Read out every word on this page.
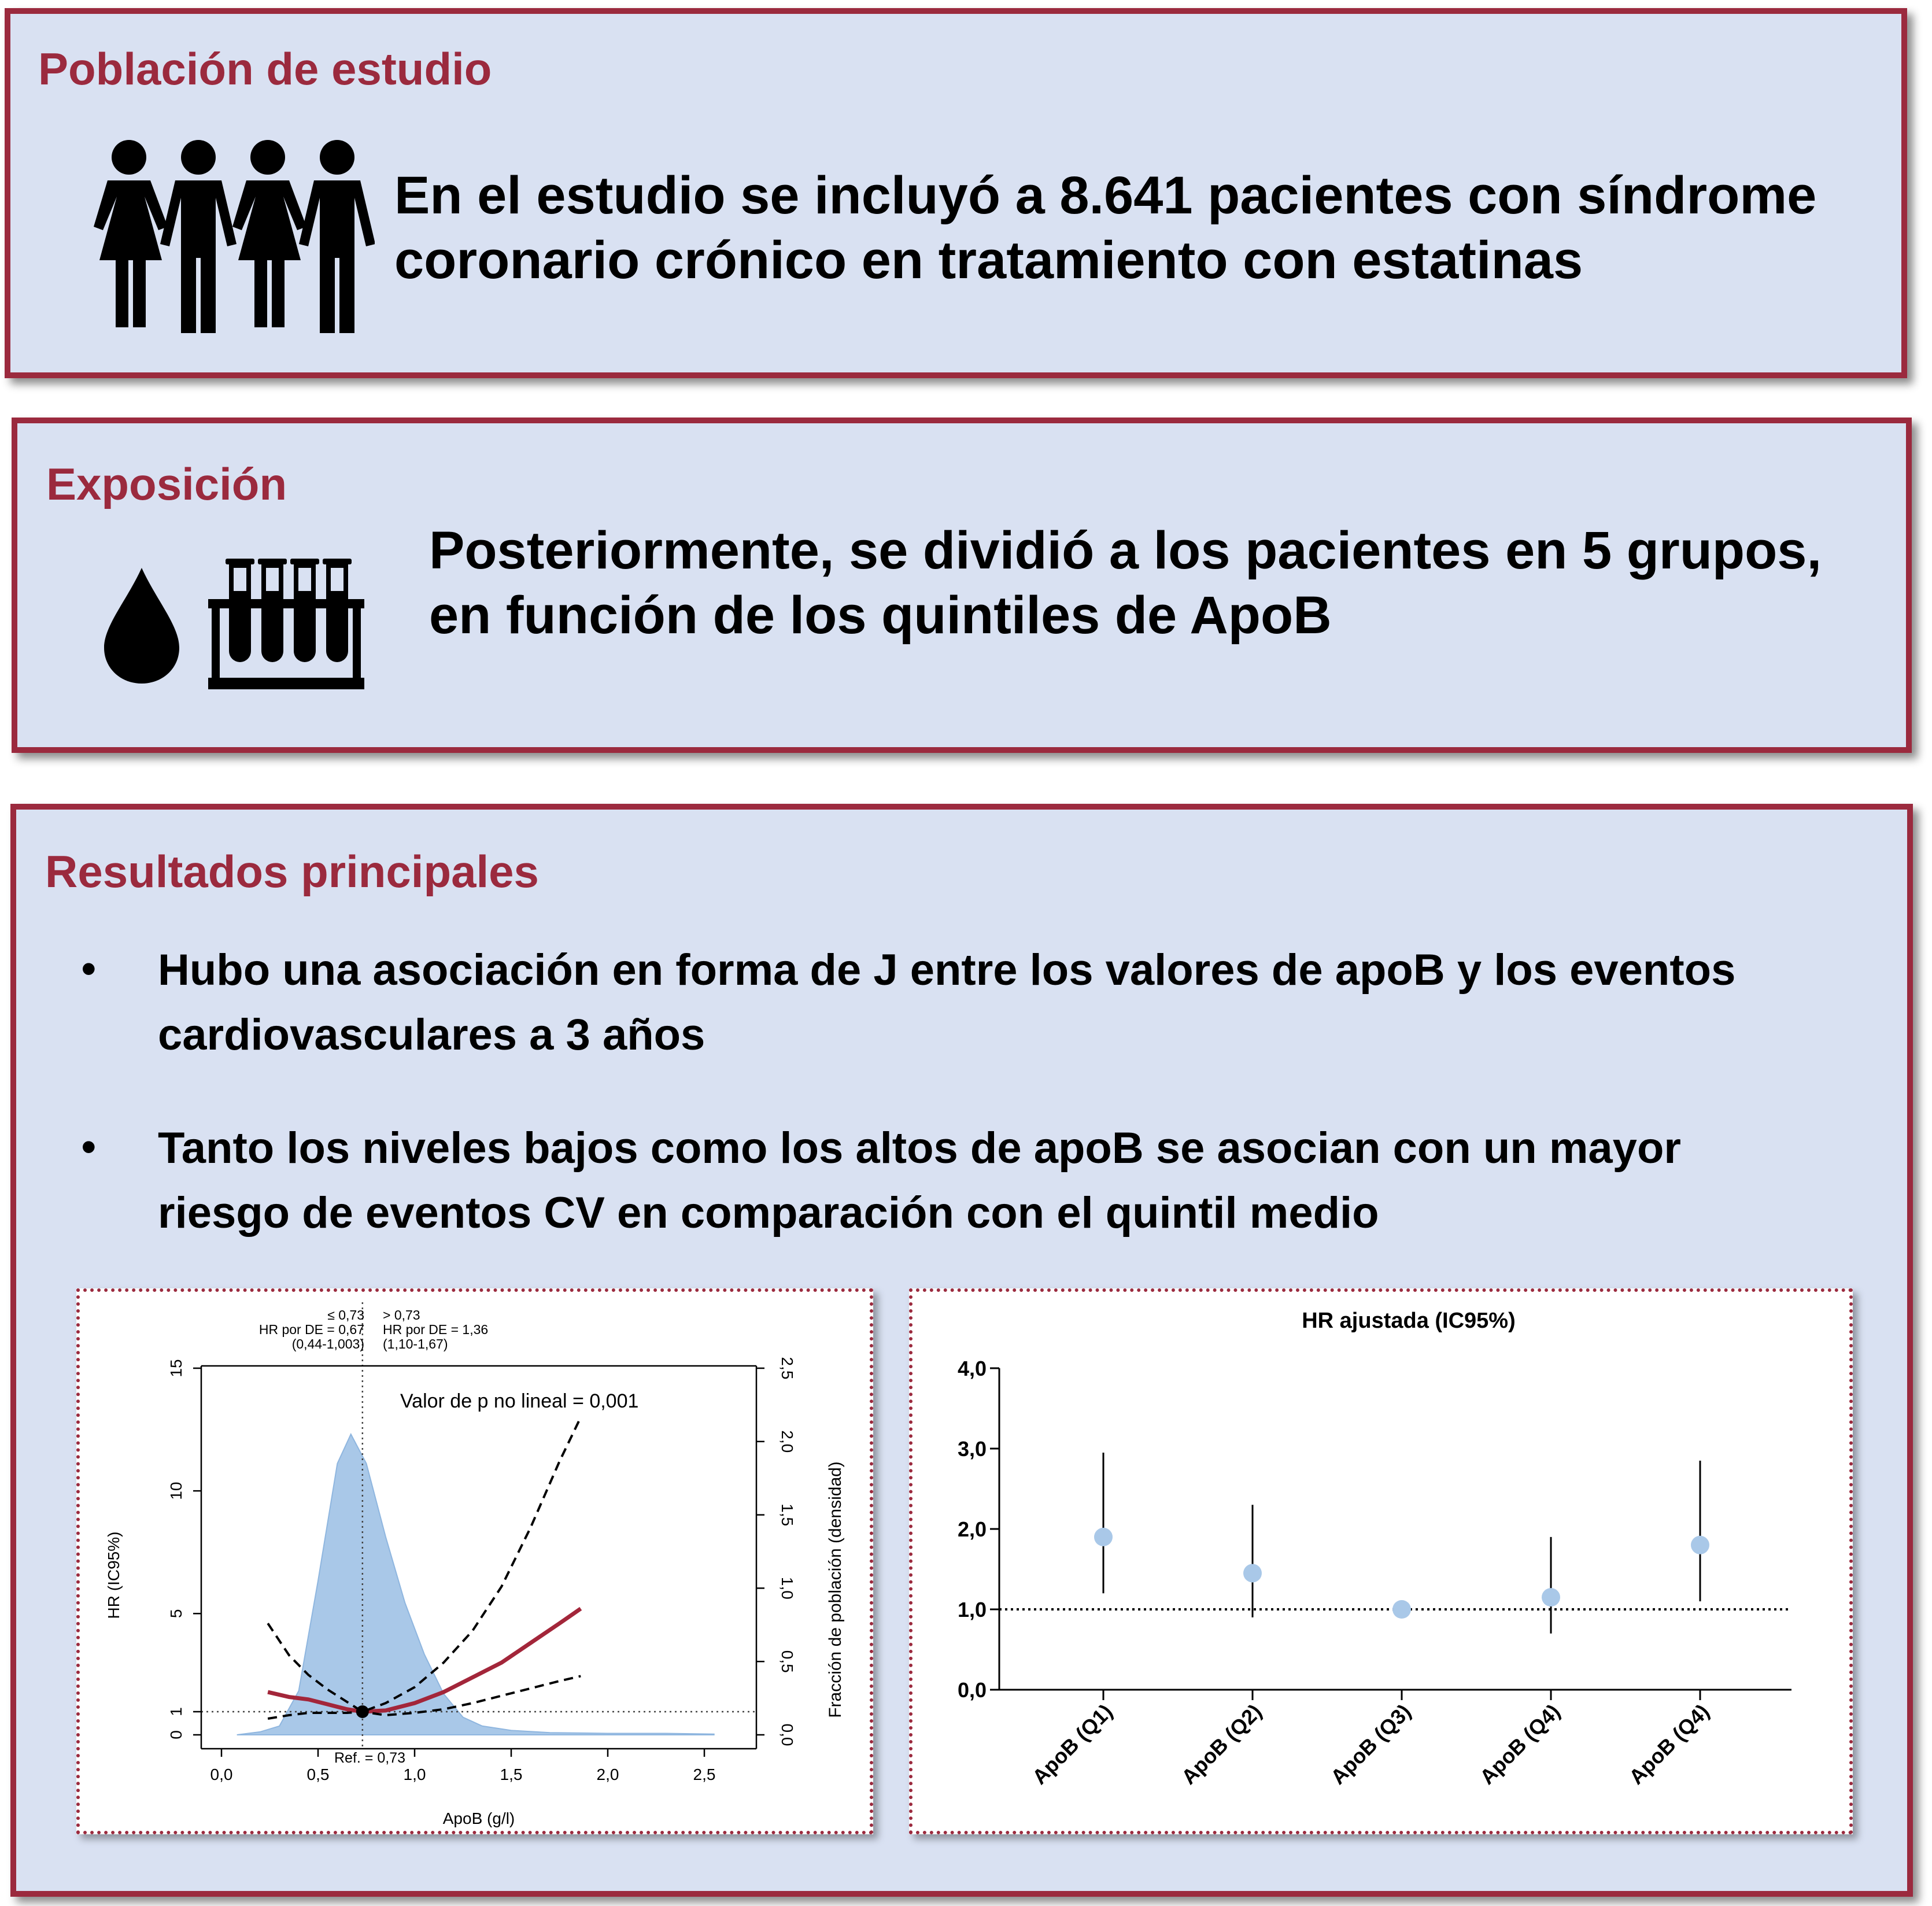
Población de estudio
En el estudio se incluyó a 8.641 pacientes con síndrome
coronario crónico en tratamiento con estatinas
Exposición
Posteriormente, se dividió a los pacientes en 5 grupos,
en función de los quintiles de ApoB
Resultados principales
• Hubo una asociación en forma de J entre los valores de apoB y los eventos
cardiovasculares a 3 años
• Tanto los niveles bajos como los altos de apoB se asocian con un mayor
riesgo de eventos CV en comparación con el quintil medio
0,0	0,5	1,0	1,5	2,0	2,5
0
1
5
10
15
0,0
0,5
1,0
1,5
2,0
2,5
≤ 0,73
HR por DE = 0,67
(0,44-1,003)
> 0,73
HR por DE = 1,36
(1,10-1,67)
Valor de p no lineal = 0,001
Ref. = 0,73
ApoB (g/l)
HR (IC95%)	Fracción de población (densidad)
HR ajustada (IC95%)
0,0
1,0
2,0
3,0
4,0
ApoB (Q1)	ApoB (Q2)	ApoB (Q3)	ApoB (Q4)	ApoB (Q4)
